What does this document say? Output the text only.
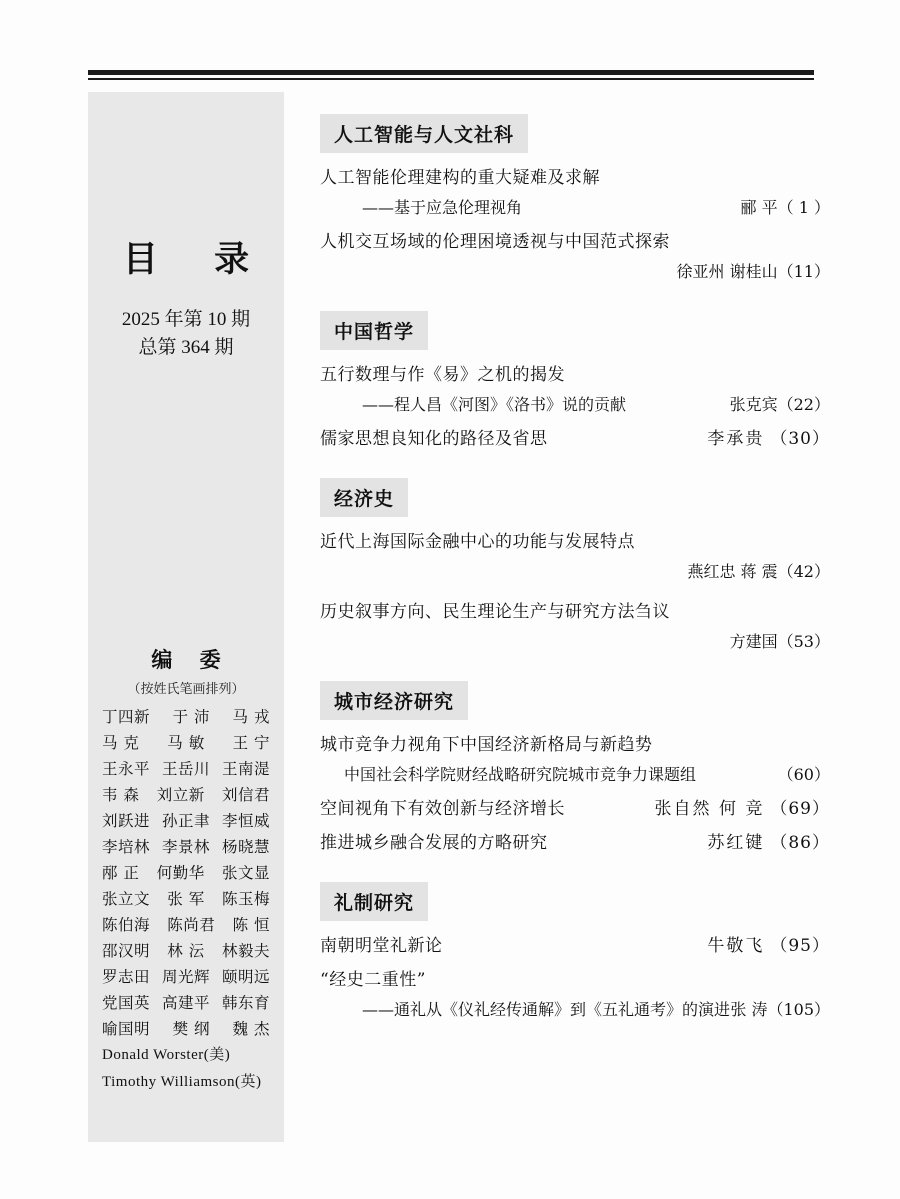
目 录
2025 年第 10 期
总第 364 期
编 委
（按姓氏笔画排列）
丁四新 于 沛 马 戎
马 克 马 敏 王 宁
王永平 王岳川 王南湜
韦 森 刘立新 刘信君
刘跃进 孙正聿 李恒威
李培林 李景林 杨晓慧
邴 正 何勤华 张文显
张立文 张 军 陈玉梅
陈伯海 陈尚君 陈 恒
邵汉明 林 沄 林毅夫
罗志田 周光辉 颐明远
党国英 高建平 韩东育
喻国明 樊 纲 魏 杰
Donald Worster(美)
Timothy Williamson(英)
人工智能与人文社科
人工智能伦理建构的重大疑难及求解
——基于应急伦理视角	郦 平 （ 1 ）
人机交互场域的伦理困境透视与中国范式探索
徐亚州 谢桂山 （11）
中国哲学
五行数理与作《易》之机的揭发
——程人昌《河图》《洛书》说的贡献	张克宾 （22）
儒家思想良知化的路径及省思	李承贵 （30）
经济史
近代上海国际金融中心的功能与发展特点
燕红忠 蒋 震 （42）
历史叙事方向、民生理论生产与研究方法刍议
方建国 （53）
城市经济研究
城市竞争力视角下中国经济新格局与新趋势
中国社会科学院财经战略研究院城市竞争力课题组	（60）
空间视角下有效创新与经济增长	张自然 何 竞 （69）
推进城乡融合发展的方略研究	苏红键 （86）
礼制研究
南朝明堂礼新论	牛敬飞 （95）
“经史二重性”
——通礼从《仪礼经传通解》到《五礼通考》的演进 张 涛 （105）
